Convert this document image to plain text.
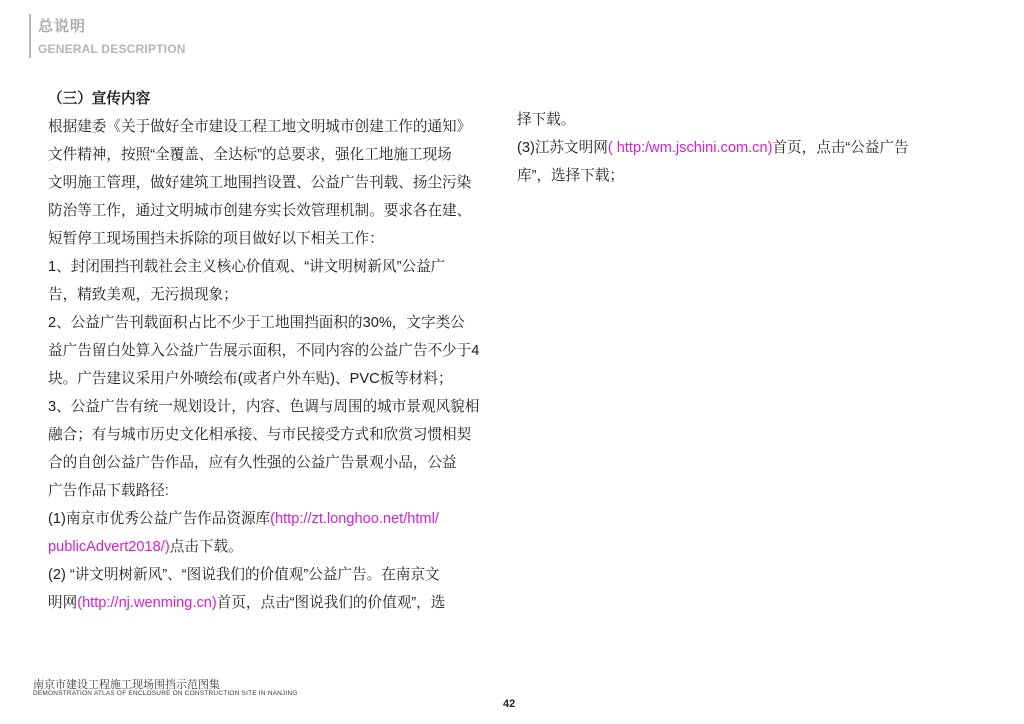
总说明
GENERAL DESCRIPTION
（三）宣传内容
根据建委《关于做好全市建设工程工地文明城市创建工作的通知》
文件精神，按照“全覆盖、全达标”的总要求，强化工地施工现场
文明施工管理，做好建筑工地围挡设置、公益广告刊载、扬尘污染
防治等工作，通过文明城市创建夯实长效管理机制。要求各在建、
短暂停工现场围挡未拆除的项目做好以下相关工作：
1、封闭围挡刊载社会主义核心价值观、“讲文明树新风”公益广
告，精致美观，无污损现象；
2、公益广告刊载面积占比不少于工地围挡面积的30%，文字类公
益广告留白处算入公益广告展示面积，不同内容的公益广告不少于4
块。广告建议采用户外喷绘布(或者户外车贴)、PVC板等材料；
3、公益广告有统一规划设计，内容、色调与周围的城市景观风貌相
融合；有与城市历史文化相承接、与市民接受方式和欣赏习惯相契
合的自创公益广告作品，应有久性强的公益广告景观小品，公益
广告作品下载路径:
(1)南京市优秀公益广告作品资源库(http://zt.longhoo.net/html/
publicAdvert2018/)点击下载。
(2) “讲文明树新风”、“图说我们的价值观”公益广告。在南京文
明网(http://nj.wenming.cn)首页，点击“图说我们的价值观”，选
择下载。
(3)江苏文明网( http:/wm.jschini.com.cn)首页，点击“公益广告
库”，选择下载；
南京市建设工程施工现场围挡示范图集
DEMONSTRATION ATLAS OF ENCLOSURE ON CONSTRUCTION SITE IN NANJING
42
